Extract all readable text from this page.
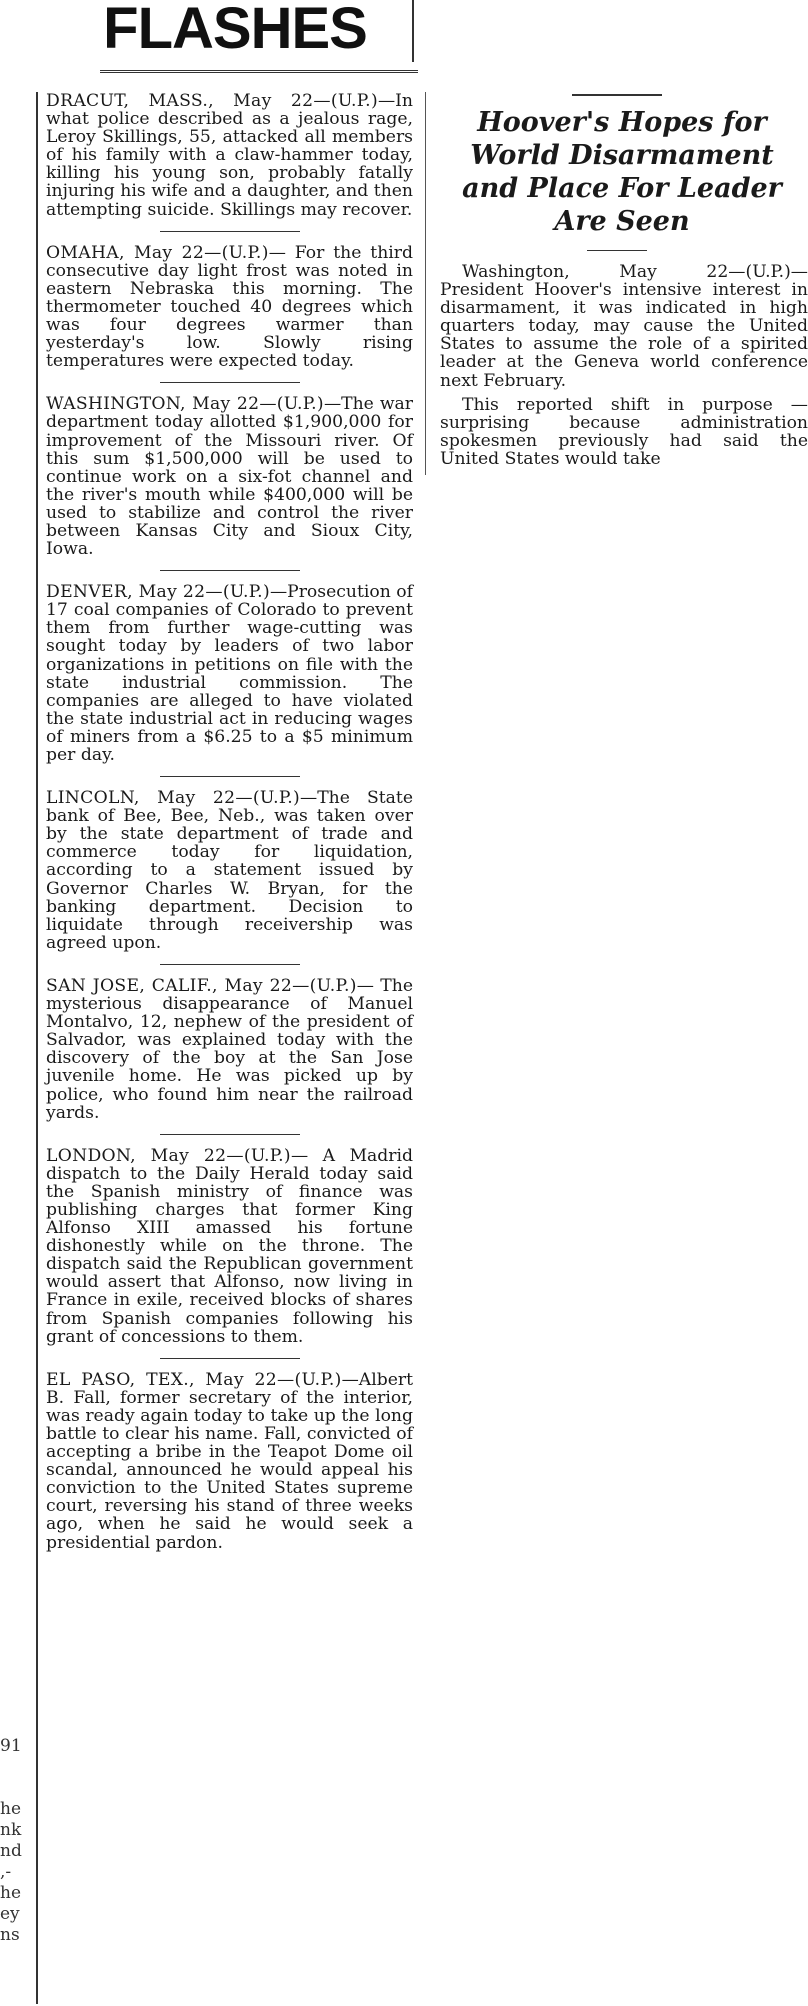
FLASHES
DRACUT, MASS., May 22—(U.P.)—In what police described as a jealous rage, Leroy Skillings, 55, attacked all members of his family with a claw-hammer today, killing his young son, probably fatally injuring his wife and a daughter, and then attempting suicide. Skillings may recover.
OMAHA, May 22—(U.P.)— For the third consecutive day light frost was noted in eastern Nebraska this morning. The thermometer touched 40 degrees which was four degrees warmer than yesterday's low. Slowly rising temperatures were expected today.
WASHINGTON, May 22—(U.P.)—The war department today allotted $1,900,000 for improvement of the Missouri river. Of this sum $1,500,000 will be used to continue work on a six-fot channel and the river's mouth while $400,000 will be used to stabilize and control the river between Kansas City and Sioux City, Iowa.
DENVER, May 22—(U.P.)—Prosecution of 17 coal companies of Colorado to prevent them from further wage-cutting was sought today by leaders of two labor organizations in petitions on file with the state industrial commission. The companies are alleged to have violated the state industrial act in reducing wages of miners from a $6.25 to a $5 minimum per day.
LINCOLN, May 22—(U.P.)—The State bank of Bee, Bee, Neb., was taken over by the state department of trade and commerce today for liquidation, according to a statement issued by Governor Charles W. Bryan, for the banking department. Decision to liquidate through receivership was agreed upon.
SAN JOSE, CALIF., May 22—(U.P.)— The mysterious disappearance of Manuel Montalvo, 12, nephew of the president of Salvador, was explained today with the discovery of the boy at the San Jose juvenile home. He was picked up by police, who found him near the railroad yards.
LONDON, May 22—(U.P.)— A Madrid dispatch to the Daily Herald today said the Spanish ministry of finance was publishing charges that former King Alfonso XIII amassed his fortune dishonestly while on the throne. The dispatch said the Republican government would assert that Alfonso, now living in France in exile, received blocks of shares from Spanish companies following his grant of concessions to them.
EL PASO, TEX., May 22—(U.P.)—Albert B. Fall, former secretary of the interior, was ready again today to take up the long battle to clear his name. Fall, convicted of accepting a bribe in the Teapot Dome oil scandal, announced he would appeal his conviction to the United States supreme court, reversing his stand of three weeks ago, when he said he would seek a presidential pardon.
Hoover's Hopes for World Disarmament and Place For Leader Are Seen

Washington, May 22—(U.P.)— President Hoover's intensive interest in disarmament, it was indicated in high quarters today, may cause the United States to assume the role of a spirited leader at the Geneva world conference next February.

This reported shift in purpose —surprising because administration spokesmen previously had said the United States would take

91

he
nk
nd
,-
he
ey
ns
